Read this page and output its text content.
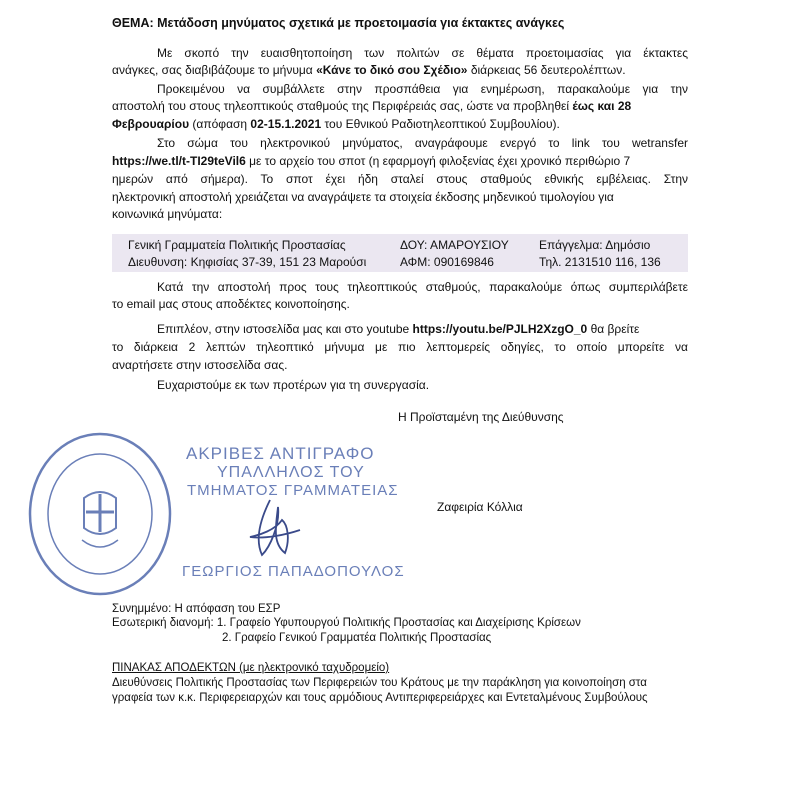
ΘΕΜΑ: Μετάδοση μηνύματος σχετικά με προετοιμασία για έκτακτες ανάγκες
Με σκοπό την ευαισθητοποίηση των πολιτών σε θέματα προετοιμασίας για έκτακτες
ανάγκες, σας διαβιβάζουμε το μήνυμα «Κάνε το δικό σου Σχέδιο» διάρκειας 56 δευτερολέπτων.
Προκειμένου να συμβάλλετε στην προσπάθεια για ενημέρωση, παρακαλούμε για την
αποστολή του στους τηλεοπτικούς σταθμούς της Περιφέρειάς σας, ώστε να προβληθεί έως και 28
Φεβρουαρίου (απόφαση 02-15.1.2021 του Εθνικού Ραδιοτηλεοπτικού Συμβουλίου).
Στο σώμα του ηλεκτρονικού μηνύματος, αναγράφουμε ενεργό το link του wetransfer
https://we.tl/t-TI29teVil6 με το αρχείο του σποτ (η εφαρμογή φιλοξενίας έχει χρονικό περιθώριο 7
ημερών από σήμερα). Το σποτ έχει ήδη σταλεί στους σταθμούς εθνικής εμβέλειας. Στην
ηλεκτρονική αποστολή χρειάζεται να αναγράψετε τα στοιχεία έκδοσης μηδενικού τιμολογίου για
κοινωνικά μηνύματα:
Γενική Γραμματεία Πολιτικής Προστασίας
Διευθυνση: Κηφισίας 37-39, 151 23 Μαρούσι
ΔΟΥ: ΑΜΑΡΟΥΣΙΟΥ
ΑΦΜ: 090169846
Επάγγελμα: Δημόσιο
Τηλ. 2131510 116, 136
Κατά την αποστολή προς τους τηλεοπτικούς σταθμούς, παρακαλούμε όπως συμπεριλάβετε
το email μας στους αποδέκτες κοινοποίησης.
Επιπλέον, στην ιστοσελίδα μας και στο youtube https://youtu.be/PJLH2XzgO_0 θα βρείτε
το διάρκεια 2 λεπτών τηλεοπτικό μήνυμα με πιο λεπτομερείς οδηγίες, το οποίο μπορείτε να
αναρτήσετε στην ιστοσελίδα σας.
Ευχαριστούμε εκ των προτέρων για τη συνεργασία.
Η Προϊσταμένη της Διεύθυνσης
ΑΚΡΙΒΕΣ ΑΝΤΙΓΡΑΦΟ
ΥΠΑΛΛΗΛΟΣ ΤΟΥ
ΤΜΗΜΑΤΟΣ ΓΡΑΜΜΑΤΕΙΑΣ
ΓΕΩΡΓΙΟΣ ΠΑΠΑΔΟΠΟΥΛΟΣ
Ζαφειρία Κόλλια
Συνημμένο: Η απόφαση του ΕΣΡ
Εσωτερική διανομή: 1. Γραφείο Υφυπουργού Πολιτικής Προστασίας και Διαχείρισης Κρίσεων
2. Γραφείο Γενικού Γραμματέα Πολιτικής Προστασίας
ΠΙΝΑΚΑΣ ΑΠΟΔΕΚΤΩΝ (με ηλεκτρονικό ταχυδρομείο)
Διευθύνσεις Πολιτικής Προστασίας των Περιφερειών του Κράτους με την παράκληση για κοινοποίηση στα
γραφεία των κ.κ. Περιφερειαρχών και τους αρμόδιους Αντιπεριφερειάρχες και Εντεταλμένους Συμβούλους
